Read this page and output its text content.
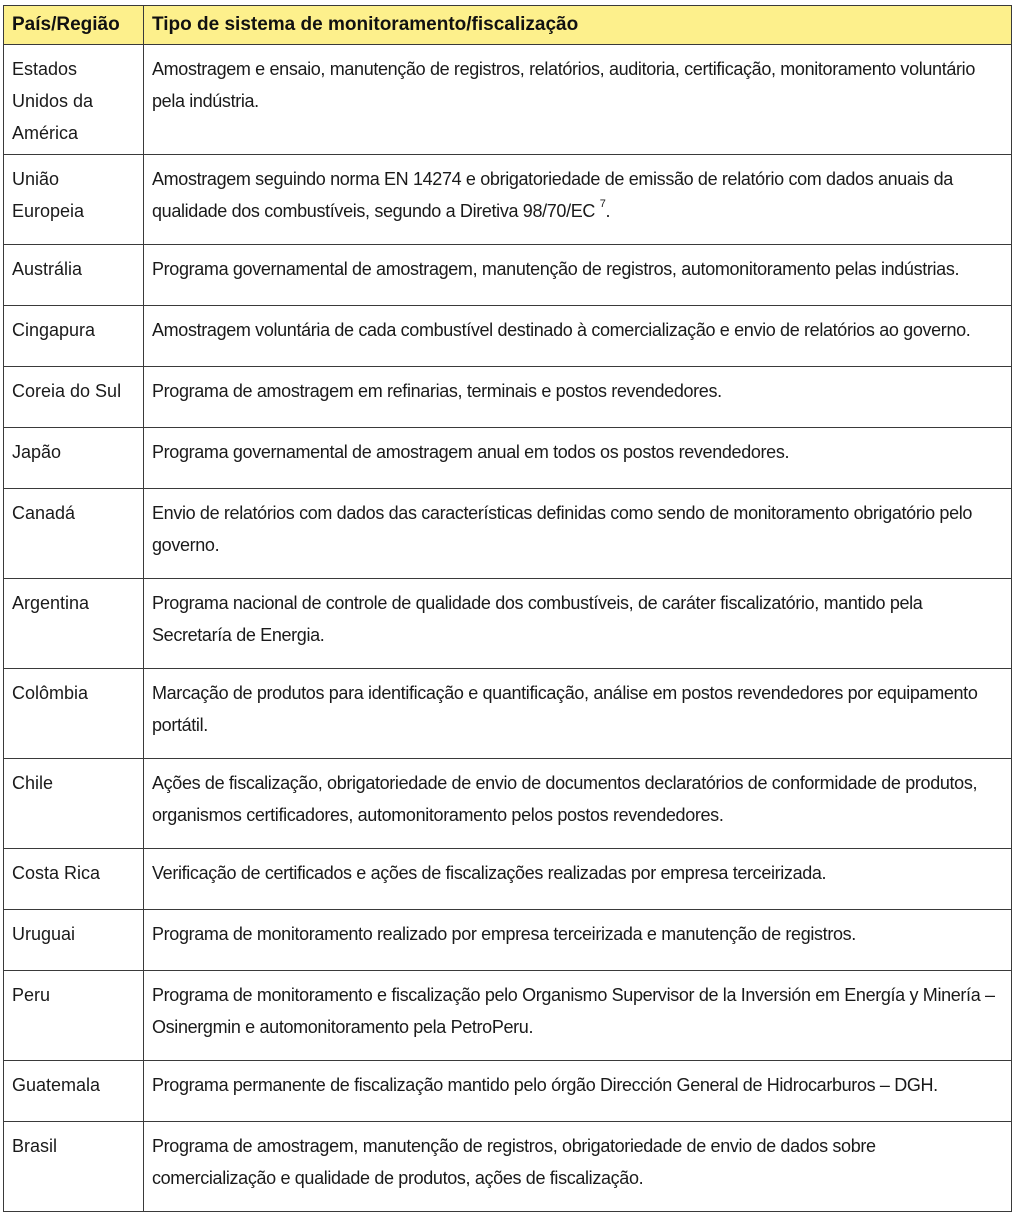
País/Região	Tipo de sistema de monitoramento/fiscalização
Estados Unidos da América	Amostragem e ensaio, manutenção de registros, relatórios, auditoria, certificação, monitoramento voluntário pela indústria.
União Europeia	Amostragem seguindo norma EN 14274 e obrigatoriedade de emissão de relatório com dados anuais da qualidade dos combustíveis, segundo a Diretiva 98/70/EC $^7$.
Austrália	Programa governamental de amostragem, manutenção de registros, automonitoramento pelas indústrias.
Cingapura	Amostragem voluntária de cada combustível destinado à comercialização e envio de relatórios ao governo.
Coreia do Sul	Programa de amostragem em refinarias, terminais e postos revendedores.
Japão	Programa governamental de amostragem anual em todos os postos revendedores.
Canadá	Envio de relatórios com dados das características definidas como sendo de monitoramento obrigatório pelo governo.
Argentina	Programa nacional de controle de qualidade dos combustíveis, de caráter fiscalizatório, mantido pela Secretaría de Energia.
Colômbia	Marcação de produtos para identificação e quantificação, análise em postos revendedores por equipamento portátil.
Chile	Ações de fiscalização, obrigatoriedade de envio de documentos declaratórios de conformidade de produtos, organismos certificadores, automonitoramento pelos postos revendedores.
Costa Rica	Verificação de certificados e ações de fiscalizações realizadas por empresa terceirizada.
Uruguai	Programa de monitoramento realizado por empresa terceirizada e manutenção de registros.
Peru	Programa de monitoramento e fiscalização pelo Organismo Supervisor de la Inversión em Energía y Minería – Osinergmin e automonitoramento pela PetroPeru.
Guatemala	Programa permanente de fiscalização mantido pelo órgão Dirección General de Hidrocarburos – DGH.
Brasil	Programa de amostragem, manutenção de registros, obrigatoriedade de envio de dados sobre comercialização e qualidade de produtos, ações de fiscalização.
